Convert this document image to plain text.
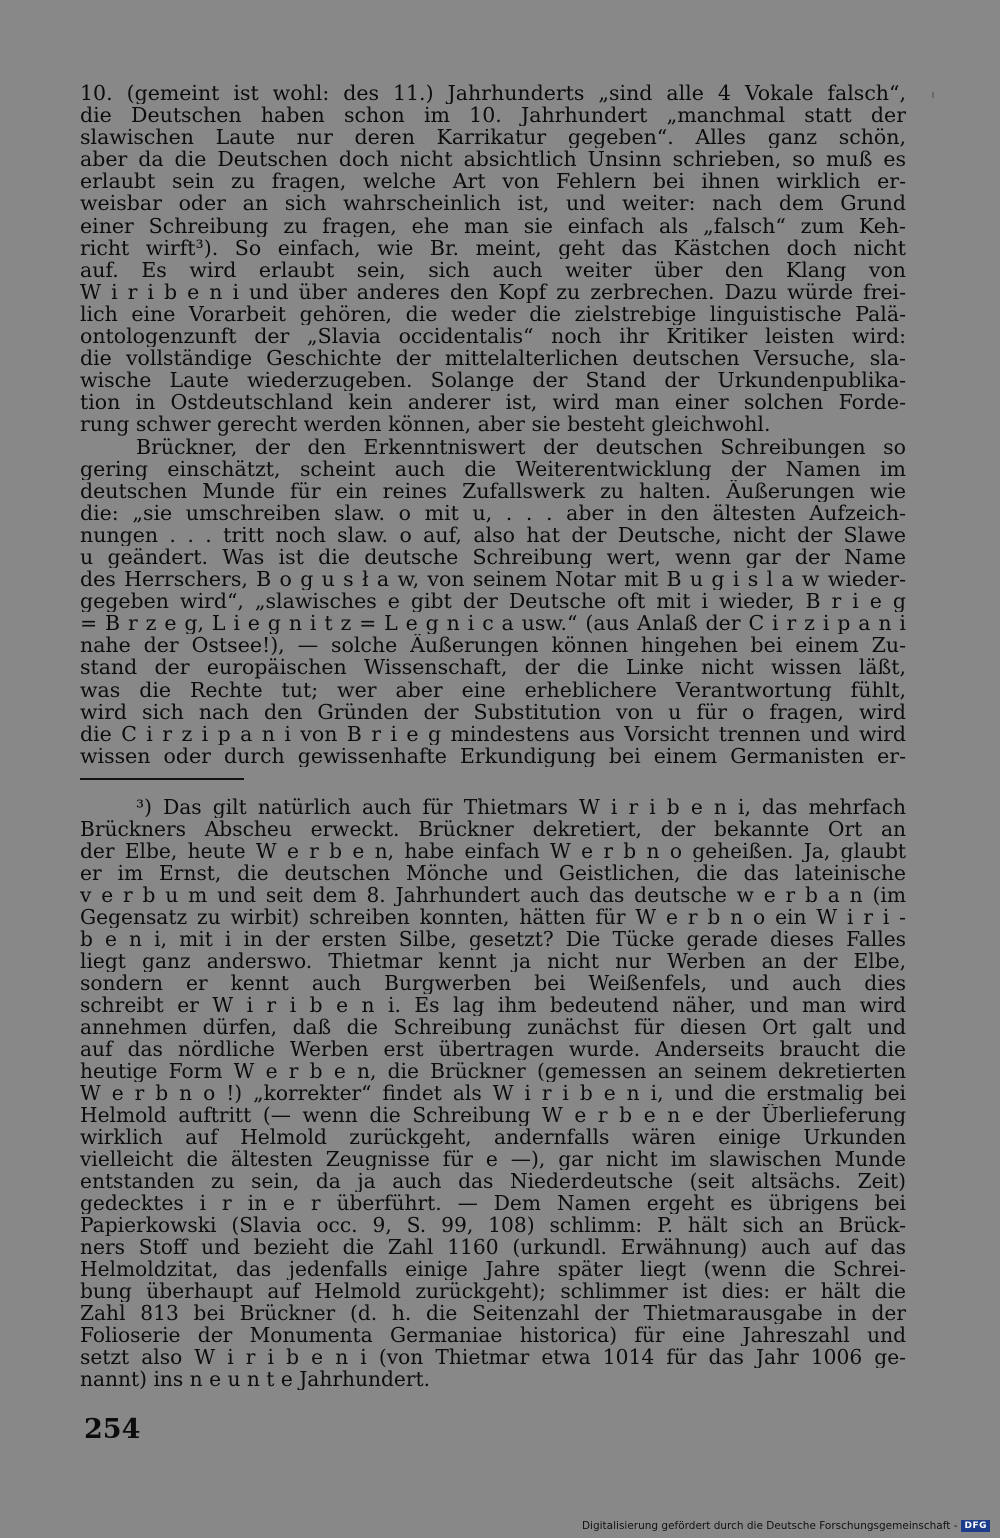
10. (gemeint ist wohl: des 11.) Jahrhunderts „sind alle 4 Vokale falsch“,
die Deutschen haben schon im 10. Jahrhundert „manchmal statt der
slawischen Laute nur deren Karrikatur gegeben“. Alles ganz schön,
aber da die Deutschen doch nicht absichtlich Unsinn schrieben, so muß es
erlaubt sein zu fragen, welche Art von Fehlern bei ihnen wirklich er-
weisbar oder an sich wahrscheinlich ist, und weiter: nach dem Grund
einer Schreibung zu fragen, ehe man sie einfach als „falsch“ zum Keh-
richt wirft³). So einfach, wie Br. meint, geht das Kästchen doch nicht
auf. Es wird erlaubt sein, sich auch weiter über den Klang von
W i r i b e n i und über anderes den Kopf zu zerbrechen. Dazu würde frei-
lich eine Vorarbeit gehören, die weder die zielstrebige linguistische Palä-
ontologenzunft der „Slavia occidentalis“ noch ihr Kritiker leisten wird:
die vollständige Geschichte der mittelalterlichen deutschen Versuche, sla-
wische Laute wiederzugeben. Solange der Stand der Urkundenpublika-
tion in Ostdeutschland kein anderer ist, wird man einer solchen Forde-
rung schwer gerecht werden können, aber sie besteht gleichwohl.
Brückner, der den Erkenntniswert der deutschen Schreibungen so
gering einschätzt, scheint auch die Weiterentwicklung der Namen im
deutschen Munde für ein reines Zufallswerk zu halten. Äußerungen wie
die: „sie umschreiben slaw. o mit u, . . . aber in den ältesten Aufzeich-
nungen . . . tritt noch slaw. o auf, also hat der Deutsche, nicht der Slawe
u geändert. Was ist die deutsche Schreibung wert, wenn gar der Name
des Herrschers, B o g u s ł a w, von seinem Notar mit B u g i s l a w wieder-
gegeben wird“, „slawisches e gibt der Deutsche oft mit i wieder, B r i e g
= B r z e g, L i e g n i t z = L e g n i c a usw.“ (aus Anlaß der C i r z i p a n i
nahe der Ostsee!), — solche Äußerungen können hingehen bei einem Zu-
stand der europäischen Wissenschaft, der die Linke nicht wissen läßt,
was die Rechte tut; wer aber eine erheblichere Verantwortung fühlt,
wird sich nach den Gründen der Substitution von u für o fragen, wird
die C i r z i p a n i von B r i e g mindestens aus Vorsicht trennen und wird
wissen oder durch gewissenhafte Erkundigung bei einem Germanisten er-
³) Das gilt natürlich auch für Thietmars W i r i b e n i, das mehrfach
Brückners Abscheu erweckt. Brückner dekretiert, der bekannte Ort an
der Elbe, heute W e r b e n, habe einfach W e r b n o geheißen. Ja, glaubt
er im Ernst, die deutschen Mönche und Geistlichen, die das lateinische
v e r b u m und seit dem 8. Jahrhundert auch das deutsche w e r b a n (im
Gegensatz zu wirbit) schreiben konnten, hätten für W e r b n o ein W i r i -
b e n i, mit i in der ersten Silbe, gesetzt? Die Tücke gerade dieses Falles
liegt ganz anderswo. Thietmar kennt ja nicht nur Werben an der Elbe,
sondern er kennt auch Burgwerben bei Weißenfels, und auch dies
schreibt er W i r i b e n i. Es lag ihm bedeutend näher, und man wird
annehmen dürfen, daß die Schreibung zunächst für diesen Ort galt und
auf das nördliche Werben erst übertragen wurde. Anderseits braucht die
heutige Form W e r b e n, die Brückner (gemessen an seinem dekretierten
W e r b n o !) „korrekter“ findet als W i r i b e n i, und die erstmalig bei
Helmold auftritt (— wenn die Schreibung W e r b e n e der Überlieferung
wirklich auf Helmold zurückgeht, andernfalls wären einige Urkunden
vielleicht die ältesten Zeugnisse für e —), gar nicht im slawischen Munde
entstanden zu sein, da ja auch das Niederdeutsche (seit altsächs. Zeit)
gedecktes i r in e r überführt. — Dem Namen ergeht es übrigens bei
Papierkowski (Slavia occ. 9, S. 99, 108) schlimm: P. hält sich an Brück-
ners Stoff und bezieht die Zahl 1160 (urkundl. Erwähnung) auch auf das
Helmoldzitat, das jedenfalls einige Jahre später liegt (wenn die Schrei-
bung überhaupt auf Helmold zurückgeht); schlimmer ist dies: er hält die
Zahl 813 bei Brückner (d. h. die Seitenzahl der Thietmarausgabe in der
Folioserie der Monumenta Germaniae historica) für eine Jahreszahl und
setzt also W i r i b e n i (von Thietmar etwa 1014 für das Jahr 1006 ge-
nannt) ins n e u n t e Jahrhundert.
254
Digitalisierung gefördert durch die Deutsche Forschungsgemeinschaft - DFG
